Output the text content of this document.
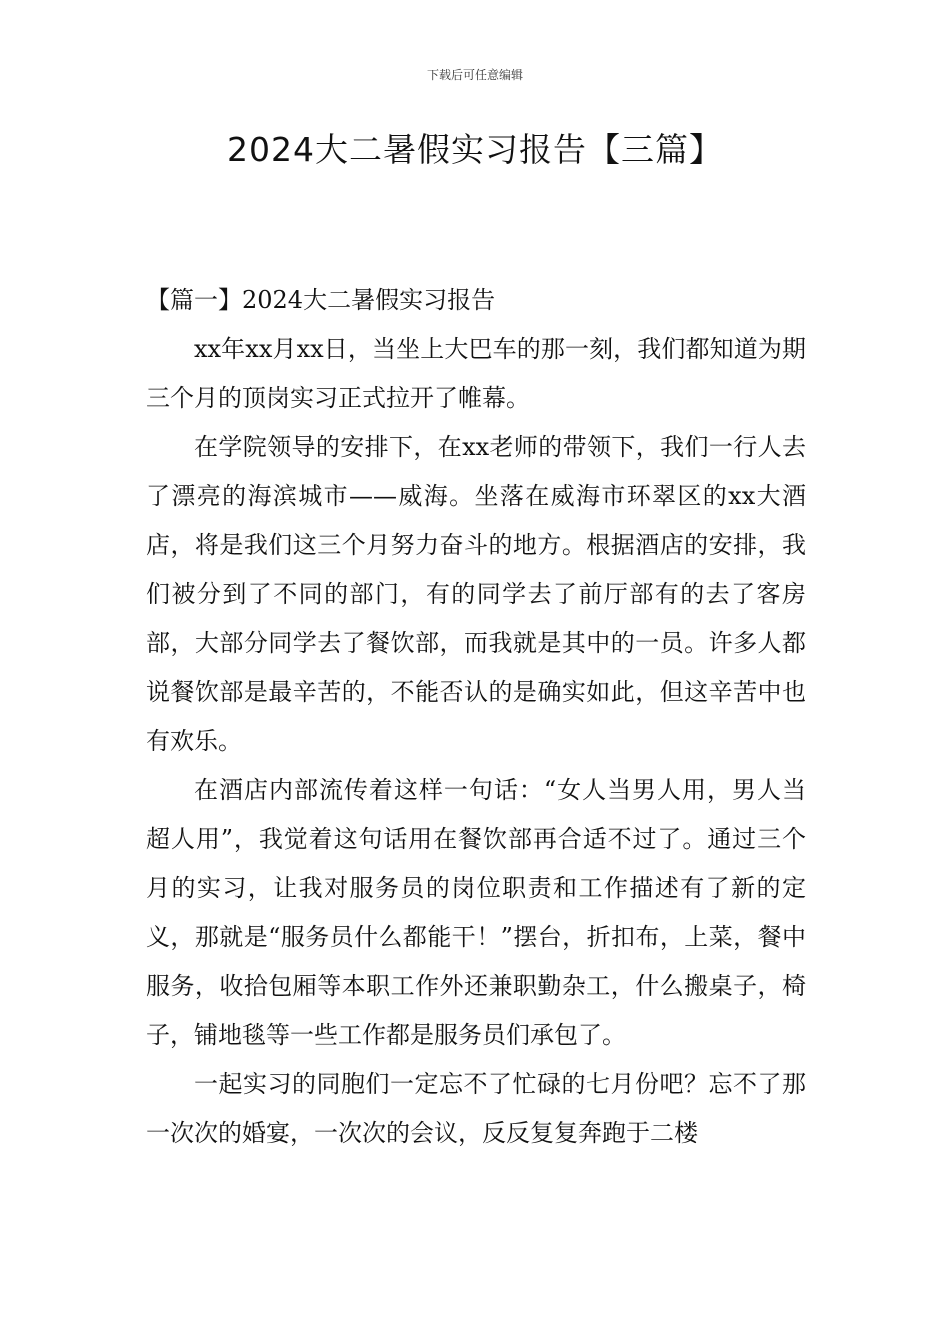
下载后可任意编辑
2024大二暑假实习报告【三篇】
【篇一】2024大二暑假实习报告

xx年xx月xx日，当坐上大巴车的那一刻，我们都知道为期三个月的顶岗实习正式拉开了帷幕。

在学院领导的安排下，在xx老师的带领下，我们一行人去了漂亮的海滨城市——威海。坐落在威海市环翠区的xx大酒店，将是我们这三个月努力奋斗的地方。根据酒店的安排，我们被分到了不同的部门，有的同学去了前厅部有的去了客房部，大部分同学去了餐饮部，而我就是其中的一员。许多人都说餐饮部是最辛苦的，不能否认的是确实如此，但这辛苦中也有欢乐。

在酒店内部流传着这样一句话：“女人当男人用，男人当超人用”，我觉着这句话用在餐饮部再合适不过了。通过三个月的实习，让我对服务员的岗位职责和工作描述有了新的定义，那就是“服务员什么都能干！”摆台，折扣布，上菜，餐中服务，收拾包厢等本职工作外还兼职勤杂工，什么搬桌子，椅子，铺地毯等一些工作都是服务员们承包了。

一起实习的同胞们一定忘不了忙碌的七月份吧？忘不了那一次次的婚宴，一次次的会议，反反复复奔跑于二楼
